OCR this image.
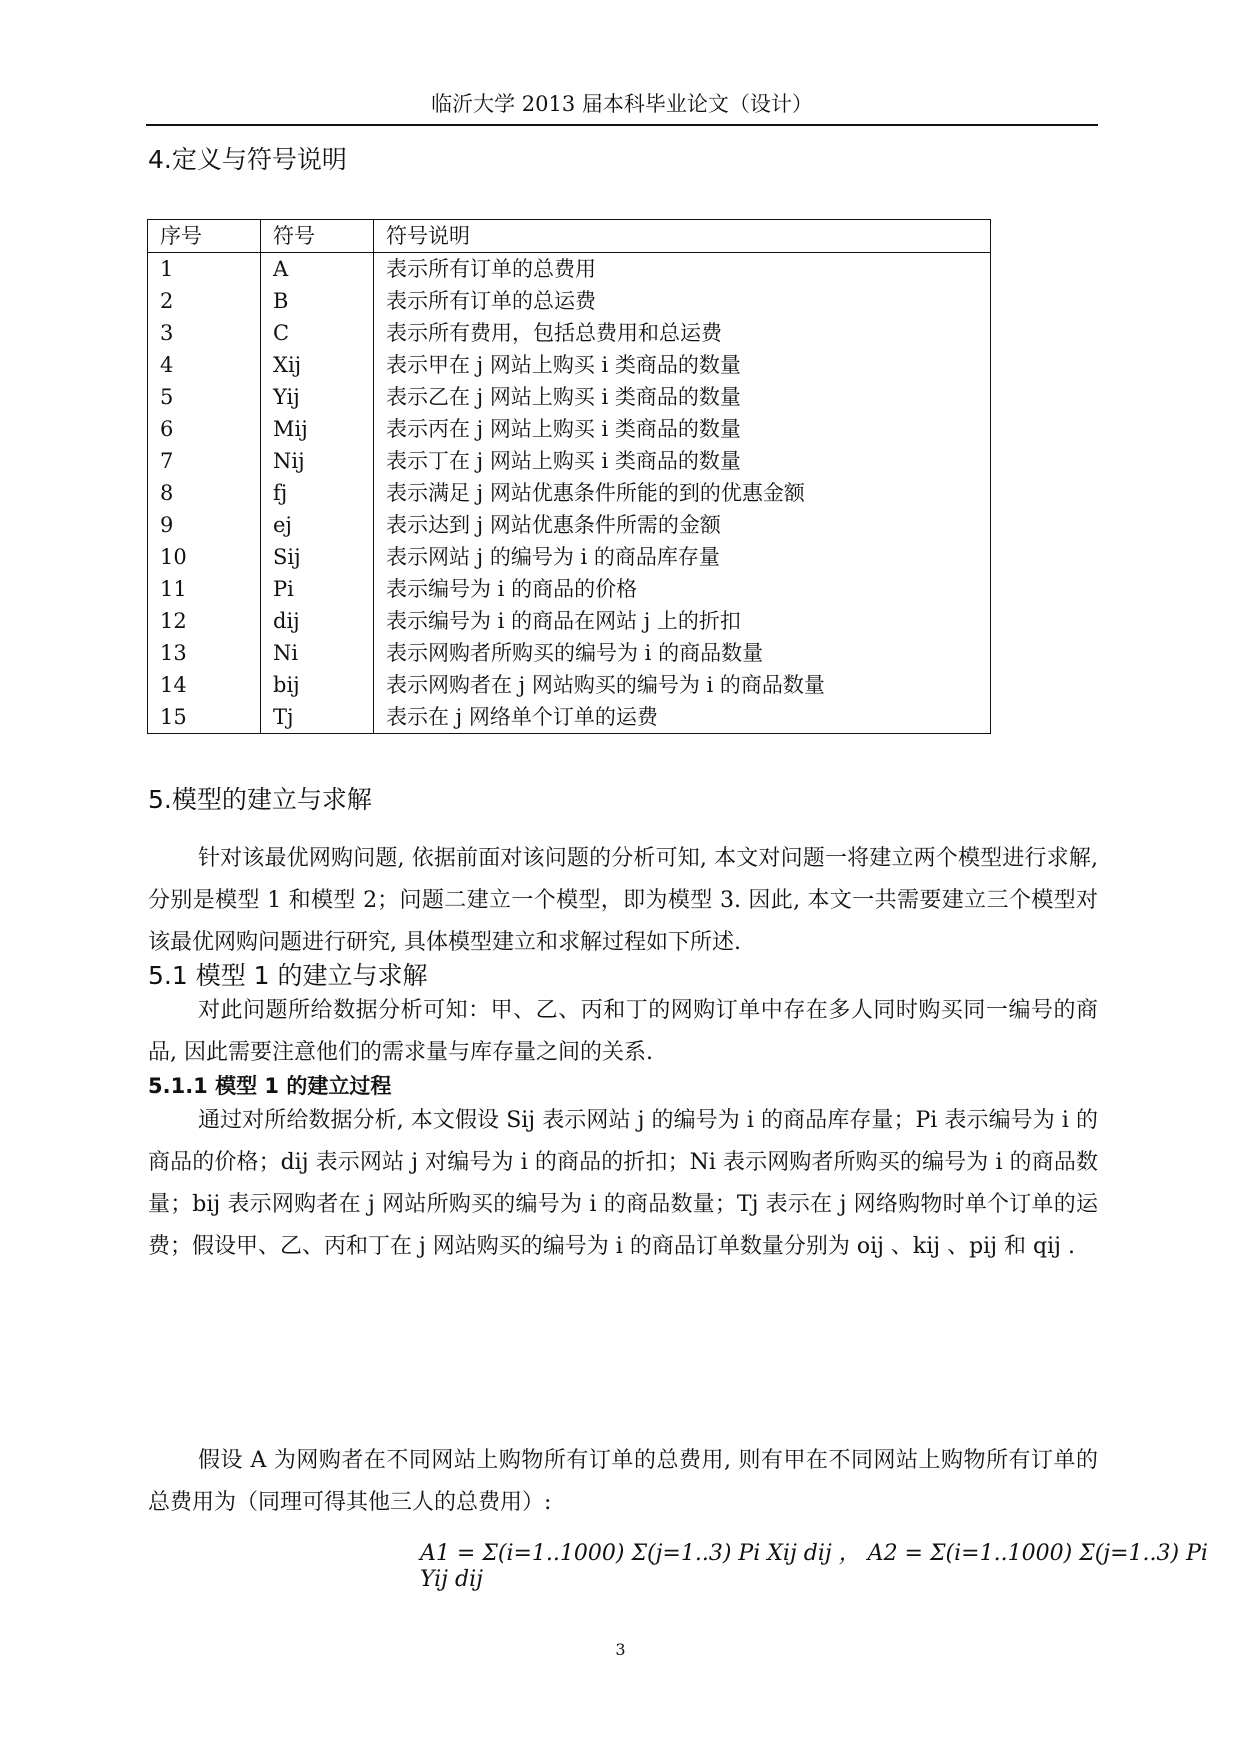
临沂大学 2013 届本科毕业论文（设计）
4.定义与符号说明
序号	符号	符号说明
1	A	表示所有订单的总费用
2	B	表示所有订单的总运费
3	C	表示所有费用，包括总费用和总运费
4	Xij	表示甲在 j 网站上购买 i 类商品的数量
5	Yij	表示乙在 j 网站上购买 i 类商品的数量
6	Mij	表示丙在 j 网站上购买 i 类商品的数量
7	Nij	表示丁在 j 网站上购买 i 类商品的数量
8	fj	表示满足 j 网站优惠条件所能的到的优惠金额
9	ej	表示达到 j 网站优惠条件所需的金额
10	Sij	表示网站 j 的编号为 i 的商品库存量
11	Pi	表示编号为 i 的商品的价格
12	dij	表示编号为 i 的商品在网站 j 上的折扣
13	Ni	表示网购者所购买的编号为 i 的商品数量
14	bij	表示网购者在 j 网站购买的编号为 i 的商品数量
15	Tj	表示在 j 网络单个订单的运费
5.模型的建立与求解
针对该最优网购问题, 依据前面对该问题的分析可知, 本文对问题一将建立两个模型进行求解, 分别是模型 1 和模型 2；问题二建立一个模型，即为模型 3. 因此, 本文一共需要建立三个模型对该最优网购问题进行研究, 具体模型建立和求解过程如下所述.
5.1 模型 1 的建立与求解
对此问题所给数据分析可知：甲、乙、丙和丁的网购订单中存在多人同时购买同一编号的商品, 因此需要注意他们的需求量与库存量之间的关系.
5.1.1 模型 1 的建立过程
通过对所给数据分析, 本文假设 Sij 表示网站 j 的编号为 i 的商品库存量；Pi 表示编号为 i 的商品的价格；dij 表示网站 j 对编号为 i 的商品的折扣；Ni 表示网购者所购买的编号为 i 的商品数量；bij 表示网购者在 j 网站所购买的编号为 i 的商品数量；Tj 表示在 j 网络购物时单个订单的运费；假设甲、乙、丙和丁在 j 网站购买的编号为 i 的商品订单数量分别为 oij 、kij 、pij 和 qij .
假设 A 为网购者在不同网站上购物所有订单的总费用, 则有甲在不同网站上购物所有订单的总费用为（同理可得其他三人的总费用）:
A1 = Σ(i=1..1000) Σ(j=1..3) Pi Xij dij ， A2 = Σ(i=1..1000) Σ(j=1..3) Pi Yij dij
3
